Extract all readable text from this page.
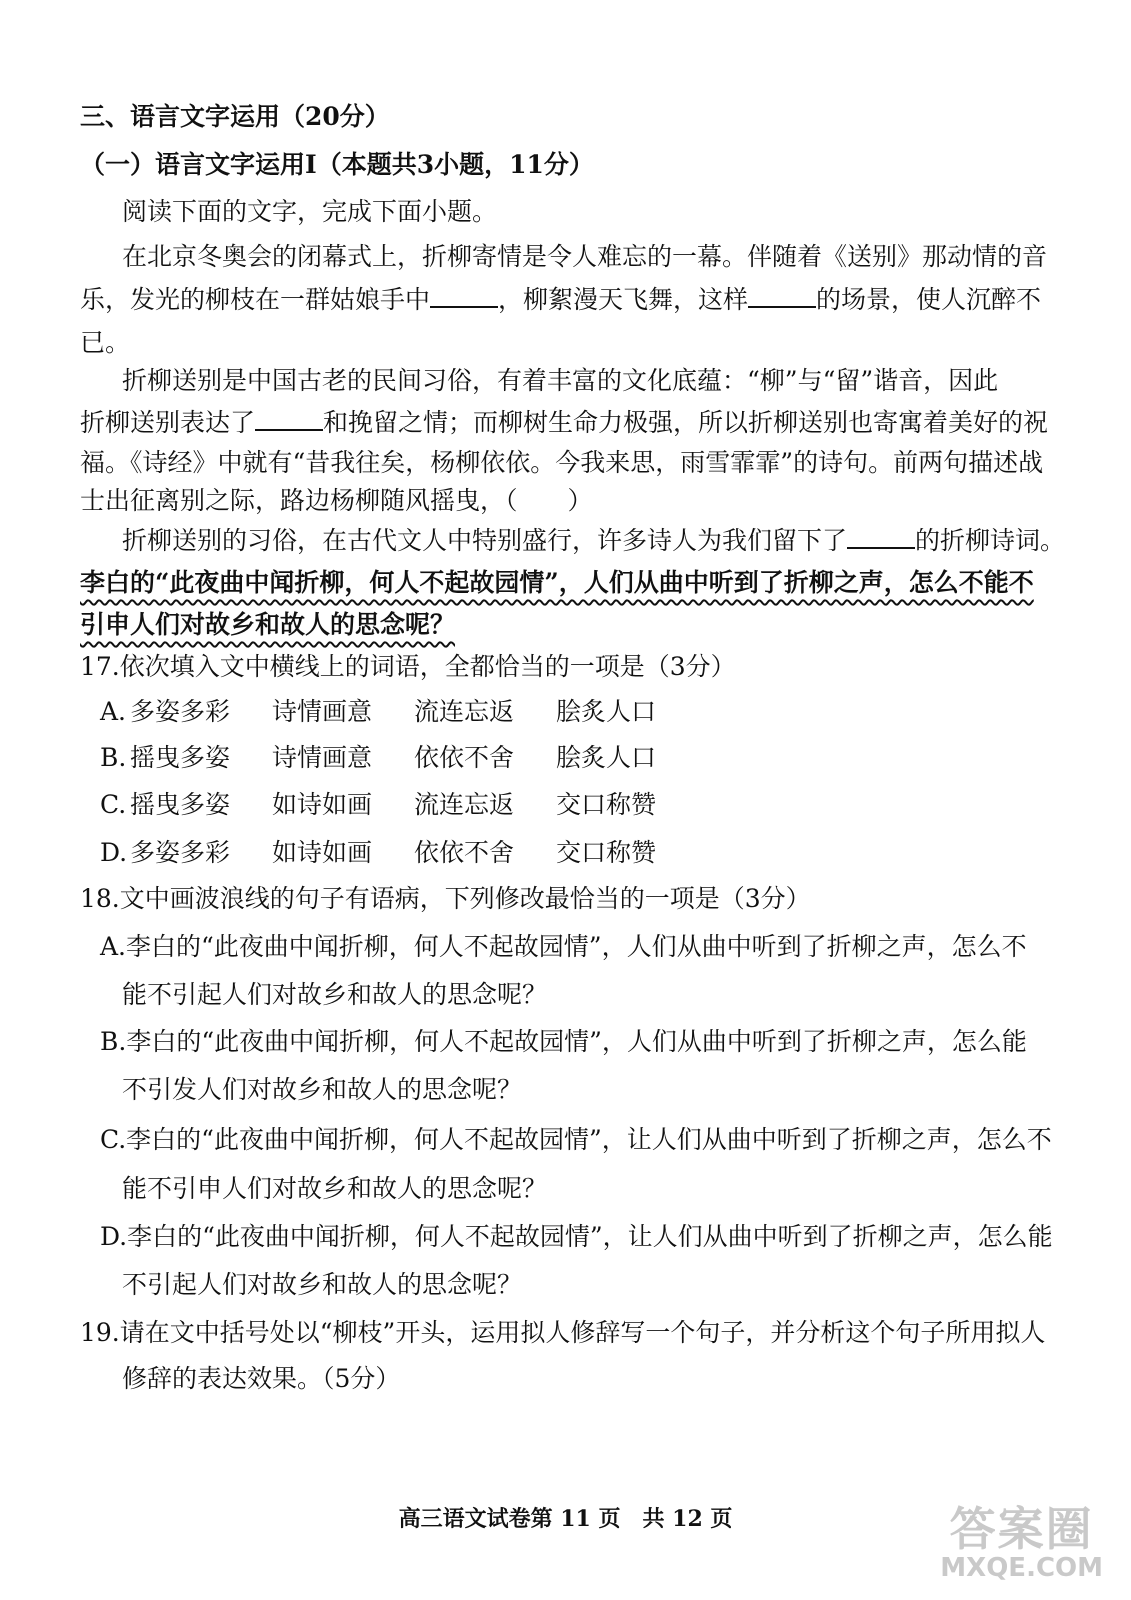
三、语言文字运用（20分）
（一）语言文字运用Ⅰ（本题共3小题，11分）
阅读下面的文字，完成下面小题。
在北京冬奥会的闭幕式上，折柳寄情是令人难忘的一幕。伴随着《送别》那动情的音
乐，发光的柳枝在一群姑娘手中	，柳絮漫天飞舞，这样	的场景，使人沉醉不
已。
折柳送别是中国古老的民间习俗，有着丰富的文化底蕴：“柳”与“留”谐音，因此
折柳送别表达了	和挽留之情；而柳树生命力极强，所以折柳送别也寄寓着美好的祝
福。《诗经》中就有“昔我往矣，杨柳依依。今我来思，雨雪霏霏”的诗句。前两句描述战
士出征离别之际，路边杨柳随风摇曳，（　　）
折柳送别的习俗，在古代文人中特别盛行，许多诗人为我们留下了	的折柳诗词。
李白的“此夜曲中闻折柳，何人不起故园情”，人们从曲中听到了折柳之声，怎么不能不
引申人们对故乡和故人的思念呢？
17.依次填入文中横线上的词语，全都恰当的一项是（3分）
A. 多姿多彩 诗情画意 流连忘返 脍炙人口
B. 摇曳多姿 诗情画意 依依不舍 脍炙人口
C. 摇曳多姿 如诗如画 流连忘返 交口称赞
D. 多姿多彩 如诗如画 依依不舍 交口称赞
18.文中画波浪线的句子有语病，下列修改最恰当的一项是（3分）
A.李白的“此夜曲中闻折柳，何人不起故园情”，人们从曲中听到了折柳之声，怎么不
能不引起人们对故乡和故人的思念呢？
B.李白的“此夜曲中闻折柳，何人不起故园情”，人们从曲中听到了折柳之声，怎么能
不引发人们对故乡和故人的思念呢？
C.李白的“此夜曲中闻折柳，何人不起故园情”，让人们从曲中听到了折柳之声，怎么不
能不引申人们对故乡和故人的思念呢？
D.李白的“此夜曲中闻折柳，何人不起故园情”，让人们从曲中听到了折柳之声，怎么能
不引起人们对故乡和故人的思念呢？
19.请在文中括号处以“柳枝”开头，运用拟人修辞写一个句子，并分析这个句子所用拟人
修辞的表达效果。（5分）
高三语文试卷第 11 页　共 12 页	答案圈
MXQE.COM
